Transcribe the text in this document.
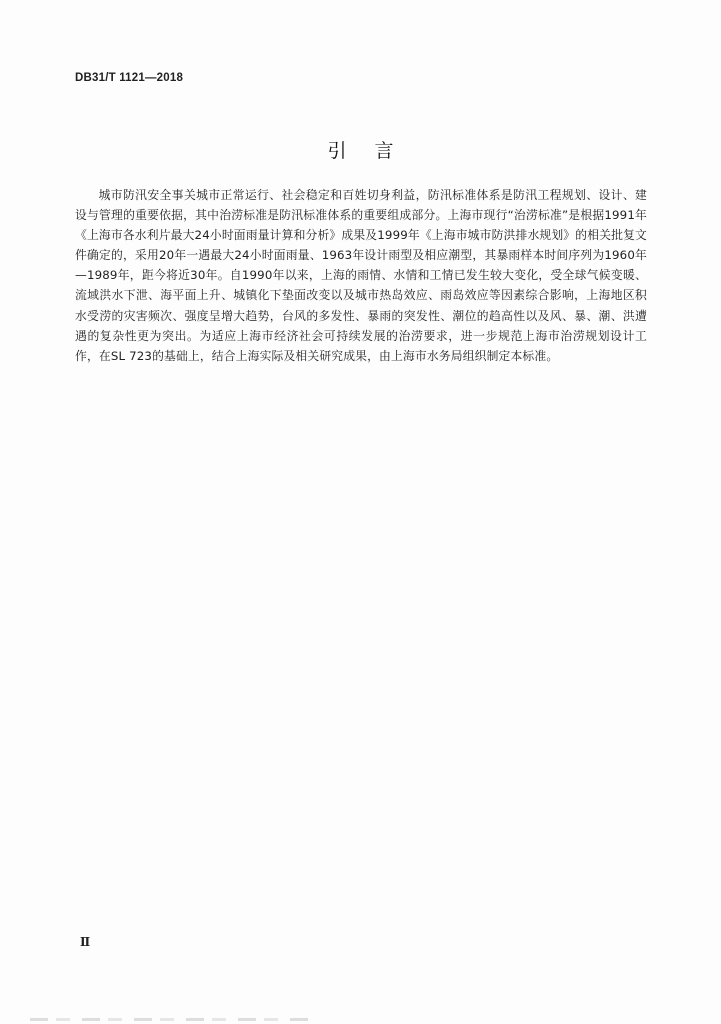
DB31/T 1121—2018
引言
城市防汛安全事关城市正常运行、社会稳定和百姓切身利益，防汛标准体系是防汛工程规划、设计、建设与管理的重要依据，其中治涝标准是防汛标准体系的重要组成部分。上海市现行“治涝标准”是根据1991年《上海市各水利片最大24小时面雨量计算和分析》成果及1999年《上海市城市防洪排水规划》的相关批复文件确定的，采用20年一遇最大24小时面雨量、1963年设计雨型及相应潮型，其暴雨样本时间序列为1960年—1989年，距今将近30年。自1990年以来，上海的雨情、水情和工情已发生较大变化，受全球气候变暖、流域洪水下泄、海平面上升、城镇化下垫面改变以及城市热岛效应、雨岛效应等因素综合影响，上海地区积水受涝的灾害频次、强度呈增大趋势，台风的多发性、暴雨的突发性、潮位的趋高性以及风、暴、潮、洪遭遇的复杂性更为突出。为适应上海市经济社会可持续发展的治涝要求，进一步规范上海市治涝规划设计工作，在SL 723的基础上，结合上海实际及相关研究成果，由上海市水务局组织制定本标准。
Ⅱ
